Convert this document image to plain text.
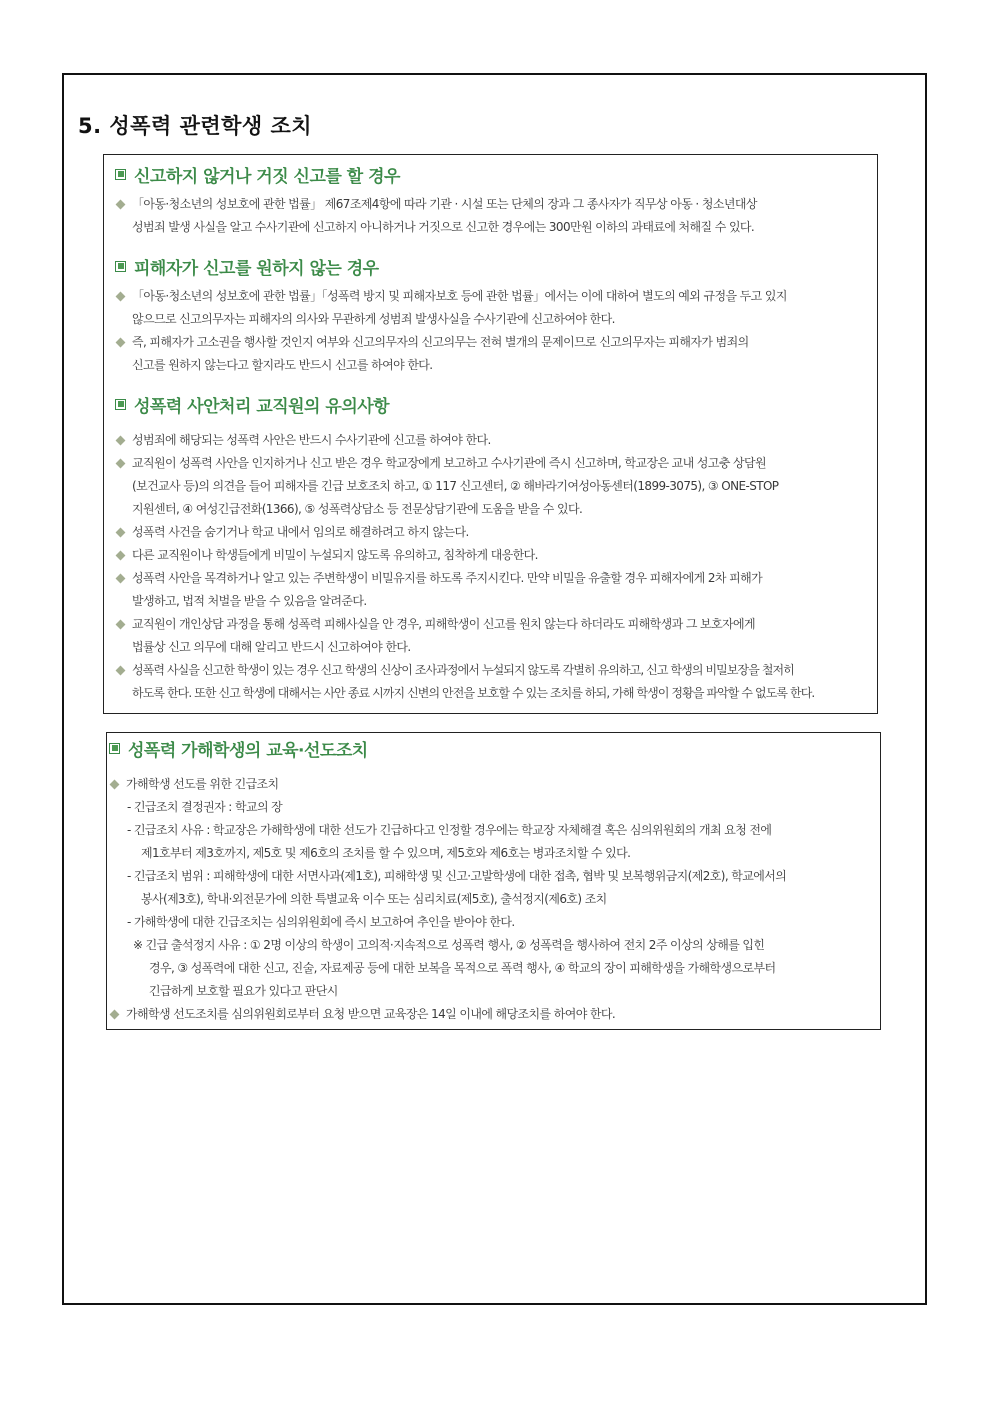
5. 성폭력 관련학생 조치
신고하지 않거나 거짓 신고를 할 경우
「아동·청소년의 성보호에 관한 법률」 제67조제4항에 따라 기관 · 시설 또는 단체의 장과 그 종사자가 직무상 아동 · 청소년대상
성범죄 발생 사실을 알고 수사기관에 신고하지 아니하거나 거짓으로 신고한 경우에는 300만원 이하의 과태료에 처해질 수 있다.
피해자가 신고를 원하지 않는 경우
「아동·청소년의 성보호에 관한 법률」「성폭력 방지 및 피해자보호 등에 관한 법률」에서는 이에 대하여 별도의 예외 규정을 두고 있지
않으므로 신고의무자는 피해자의 의사와 무관하게 성범죄 발생사실을 수사기관에 신고하여야 한다.
즉, 피해자가 고소권을 행사할 것인지 여부와 신고의무자의 신고의무는 전혀 별개의 문제이므로 신고의무자는 피해자가 범죄의
신고를 원하지 않는다고 할지라도 반드시 신고를 하여야 한다.
성폭력 사안처리 교직원의 유의사항
성범죄에 해당되는 성폭력 사안은 반드시 수사기관에 신고를 하여야 한다.
교직원이 성폭력 사안을 인지하거나 신고 받은 경우 학교장에게 보고하고 수사기관에 즉시 신고하며, 학교장은 교내 성고충 상담원
(보건교사 등)의 의견을 들어 피해자를 긴급 보호조치 하고, ① 117 신고센터, ② 해바라기여성아동센터(1899-3075), ③ ONE-STOP
지원센터, ④ 여성긴급전화(1366), ⑤ 성폭력상담소 등 전문상담기관에 도움을 받을 수 있다.
성폭력 사건을 숨기거나 학교 내에서 임의로 해결하려고 하지 않는다.
다른 교직원이나 학생들에게 비밀이 누설되지 않도록 유의하고, 침착하게 대응한다.
성폭력 사안을 목격하거나 알고 있는 주변학생이 비밀유지를 하도록 주지시킨다. 만약 비밀을 유출할 경우 피해자에게 2차 피해가
발생하고, 법적 처벌을 받을 수 있음을 알려준다.
교직원이 개인상담 과정을 통해 성폭력 피해사실을 안 경우, 피해학생이 신고를 원치 않는다 하더라도 피해학생과 그 보호자에게
법률상 신고 의무에 대해 알리고 반드시 신고하여야 한다.
성폭력 사실을 신고한 학생이 있는 경우 신고 학생의 신상이 조사과정에서 누설되지 않도록 각별히 유의하고, 신고 학생의 비밀보장을 철저히
하도록 한다. 또한 신고 학생에 대해서는 사안 종료 시까지 신변의 안전을 보호할 수 있는 조치를 하되, 가해 학생이 정황을 파악할 수 없도록 한다.
성폭력 가해학생의 교육·선도조치
가해학생 선도를 위한 긴급조치
- 긴급조치 결정권자 : 학교의 장
- 긴급조치 사유 : 학교장은 가해학생에 대한 선도가 긴급하다고 인정할 경우에는 학교장 자체해결 혹은 심의위원회의 개최 요청 전에
제1호부터 제3호까지, 제5호 및 제6호의 조치를 할 수 있으며, 제5호와 제6호는 병과조치할 수 있다.
- 긴급조치 범위 : 피해학생에 대한 서면사과(제1호), 피해학생 및 신고·고발학생에 대한 접촉, 협박 및 보복행위금지(제2호), 학교에서의
봉사(제3호), 학내·외전문가에 의한 특별교육 이수 또는 심리치료(제5호), 출석정지(제6호) 조치
- 가해학생에 대한 긴급조치는 심의위원회에 즉시 보고하여 추인을 받아야 한다.
※ 긴급 출석정지 사유 : ① 2명 이상의 학생이 고의적·지속적으로 성폭력 행사, ② 성폭력을 행사하여 전치 2주 이상의 상해를 입힌
경우, ③ 성폭력에 대한 신고, 진술, 자료제공 등에 대한 보복을 목적으로 폭력 행사, ④ 학교의 장이 피해학생을 가해학생으로부터
긴급하게 보호할 필요가 있다고 판단시
가해학생 선도조치를 심의위원회로부터 요청 받으면 교육장은 14일 이내에 해당조치를 하여야 한다.
